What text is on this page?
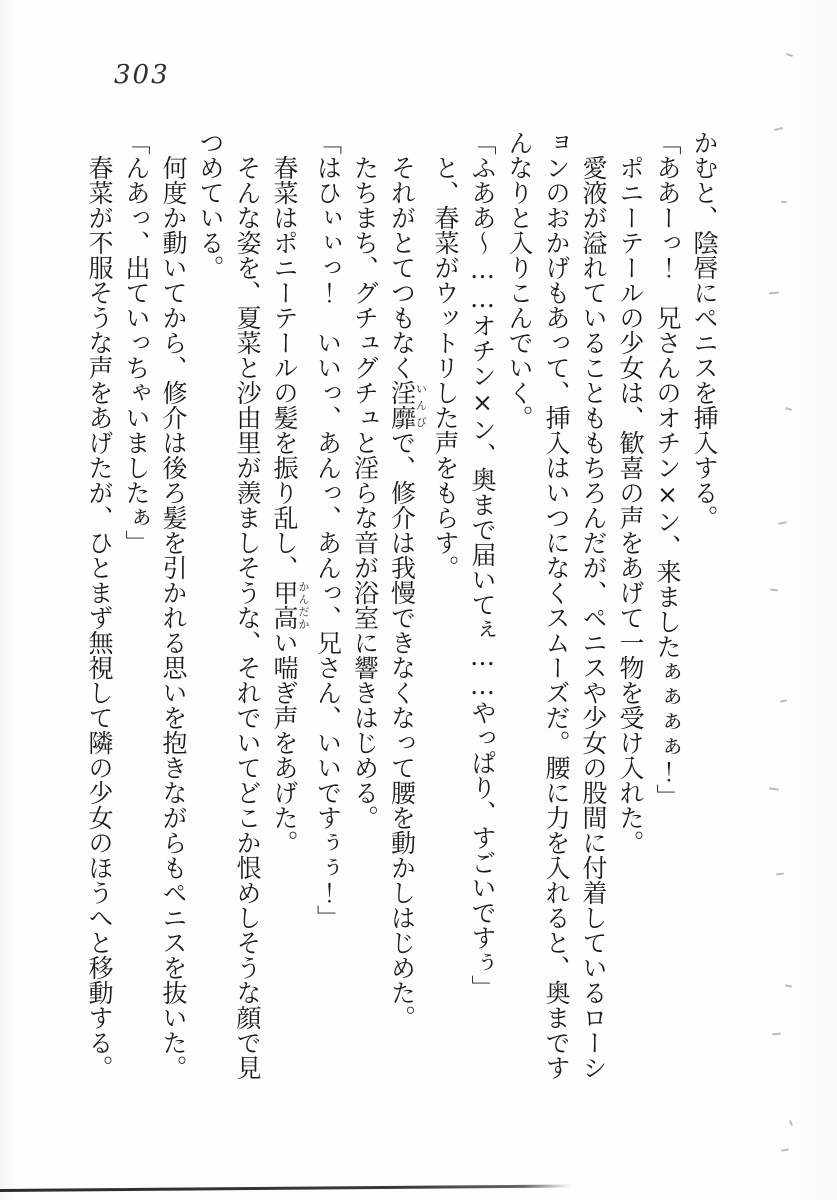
303

かむと、陰唇にペニスを挿入する。

「ああーっ！　兄さんのオチン×ン、来ましたぁぁぁぁ！」

ポニーテールの少女は、歓喜の声をあげて一物を受け入れた。

愛液が溢れていることももちろんだが、ペニスや少女の股間に付着しているローションのおかげもあって、挿入はいつになくスムーズだ。腰に力を入れると、奥まですんなりと入りこんでいく。

「ふああ～……オチン×ン、奥まで届いてぇ……やっぱり、すごいですぅ」

と、春菜がウットリした声をもらす。

それがとてつもなく淫靡いんびで、修介は我慢できなくなって腰を動かしはじめた。

たちまち、グチュグチュと淫らな音が浴室に響きはじめる。

「はひぃぃっ！　いいっ、あんっ、あんっ、兄さん、いいですぅぅ！」

春菜はポニーテールの髪を振り乱し、甲高かんだかい喘ぎ声をあげた。

そんな姿を、夏菜と沙由里が羨ましそうな、それでいてどこか恨めしそうな顔で見つめている。

何度か動いてから、修介は後ろ髪を引かれる思いを抱きながらもペニスを抜いた。

「んあっ、出ていっちゃいましたぁ」

春菜が不服そうな声をあげたが、ひとまず無視して隣の少女のほうへと移動する。
